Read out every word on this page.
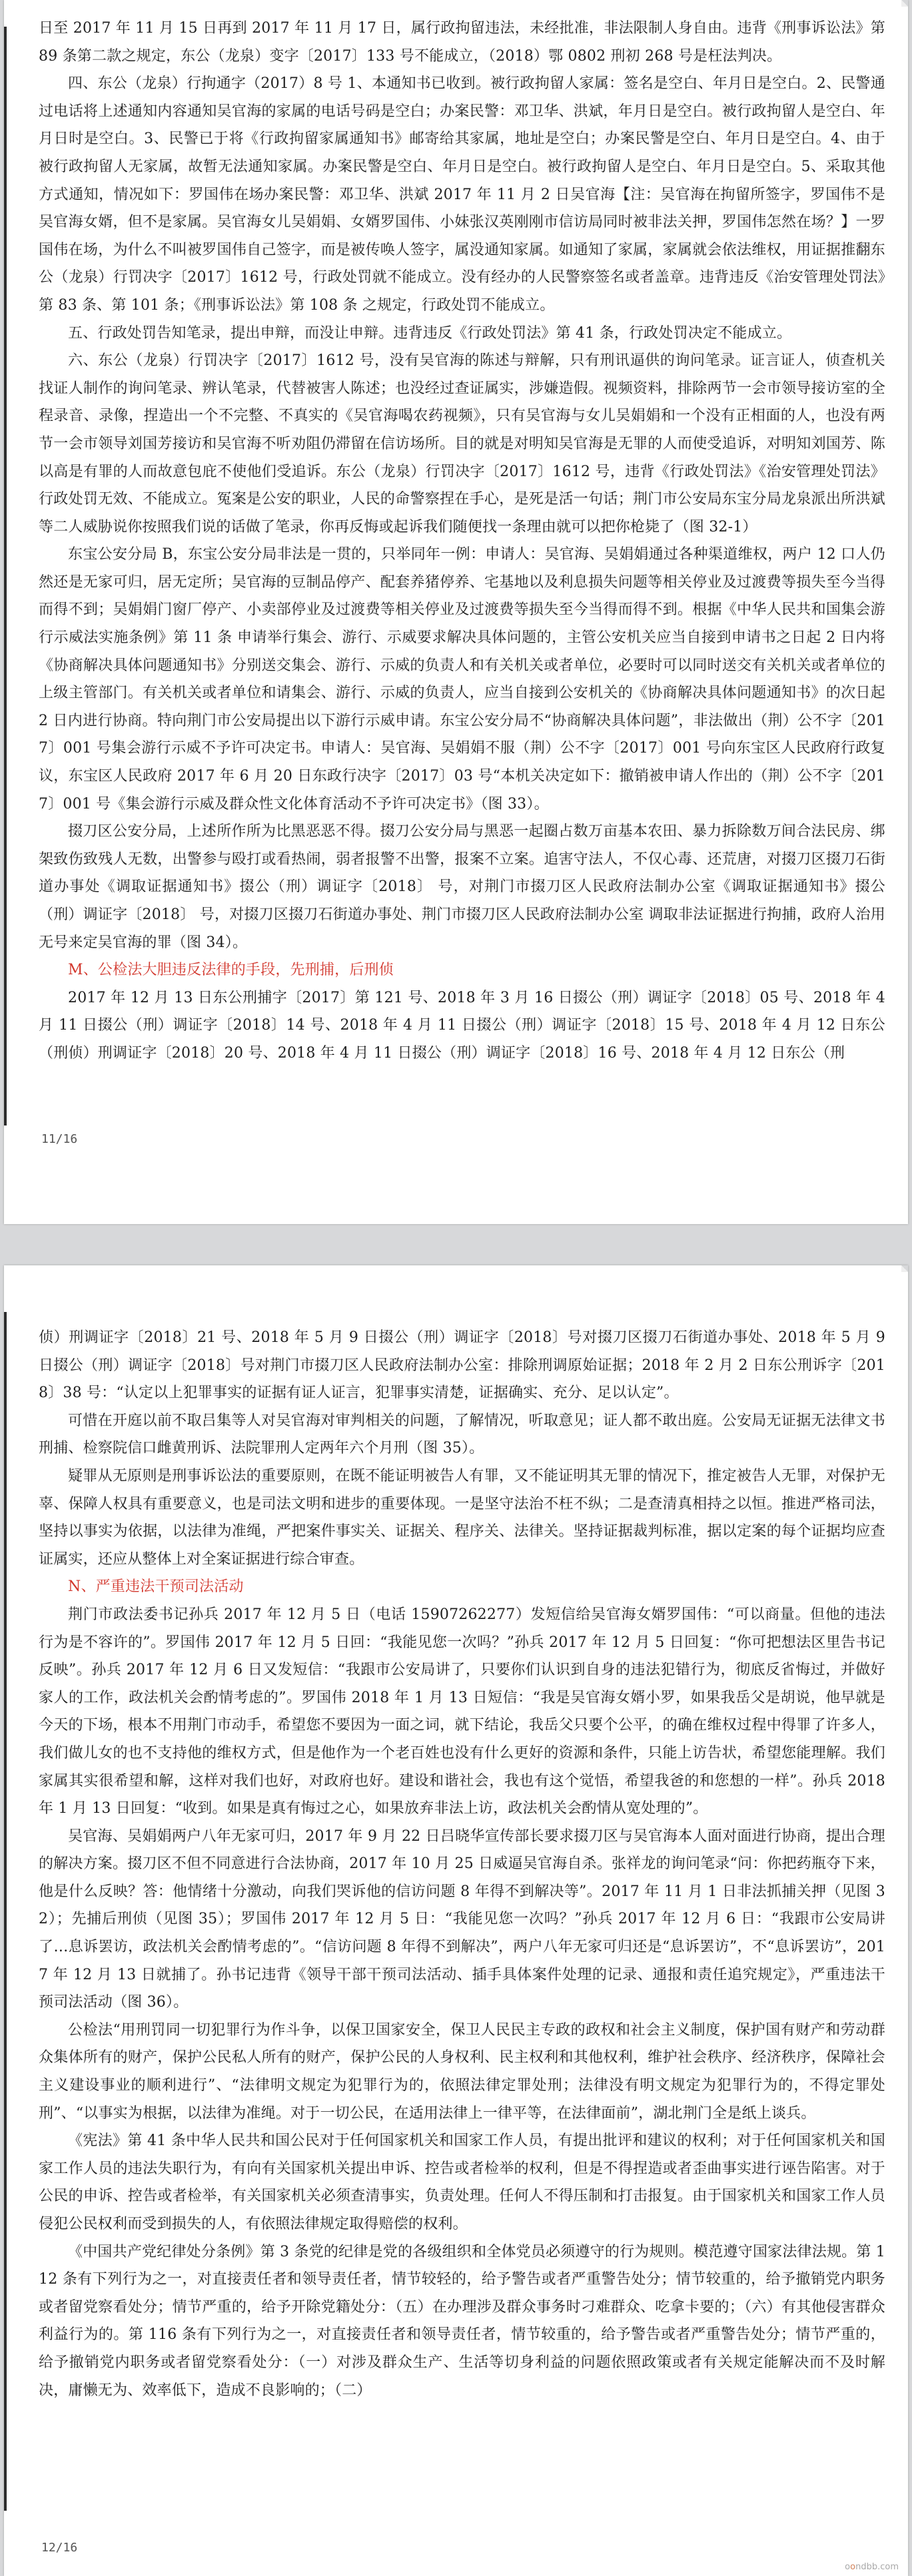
日至 2017 年 11 月 15 日再到 2017 年 11 月 17 日，属行政拘留违法，未经批准，非法限制人身自由。违背《刑事诉讼法》第 89 条第二款之规定，东公（龙泉）变字〔2017〕133 号不能成立，（2018）鄂 0802 刑初 268 号是枉法判决。

四、东公（龙泉）行拘通字（2017）8 号 1、本通知书已收到。被行政拘留人家属：签名是空白、年月日是空白。2、民警通过电话将上述通知内容通知吴官海的家属的电话号码是空白；办案民警：邓卫华、洪斌，年月日是空白。被行政拘留人是空白、年月日时是空白。3、民警已于将《行政拘留家属通知书》邮寄给其家属，地址是空白；办案民警是空白、年月日是空白。4、由于被行政拘留人无家属，故暂无法通知家属。办案民警是空白、年月日是空白。被行政拘留人是空白、年月日是空白。5、采取其他方式通知，情况如下：罗国伟在场办案民警：邓卫华、洪斌 2017 年 11 月 2 日吴官海【注：吴官海在拘留所签字，罗国伟不是吴官海女婿，但不是家属。吴官海女儿吴娟娟、女婿罗国伟、小妹张汉英刚刚市信访局同时被非法关押，罗国伟怎然在场？】一罗国伟在场，为什么不叫被罗国伟自己签字，而是被传唤人签字，属没通知家属。如通知了家属，家属就会依法维权，用证据推翻东公（龙泉）行罚决字〔2017〕1612 号，行政处罚就不能成立。没有经办的人民警察签名或者盖章。违背违反《治安管理处罚法》第 83 条、第 101 条；《刑事诉讼法》第 108 条 之规定，行政处罚不能成立。

五、行政处罚告知笔录，提出申辩，而没让申辩。违背违反《行政处罚法》第 41 条，行政处罚决定不能成立。

六、东公（龙泉）行罚决字〔2017〕1612 号，没有吴官海的陈述与辩解，只有刑讯逼供的询问笔录。证言证人，侦查机关找证人制作的询问笔录、辨认笔录，代替被害人陈述；也没经过查证属实，涉嫌造假。视频资料，排除两节一会市领导接访室的全程录音、录像，捏造出一个不完整、不真实的《吴官海喝农药视频》，只有吴官海与女儿吴娟娟和一个没有正相面的人，也没有两节一会市领导刘国芳接访和吴官海不听劝阻仍滞留在信访场所。目的就是对明知吴官海是无罪的人而使受追诉，对明知刘国芳、陈以高是有罪的人而故意包庇不使他们受追诉。东公（龙泉）行罚决字〔2017〕1612 号，违背《行政处罚法》《治安管理处罚法》行政处罚无效、不能成立。冤案是公安的职业，人民的命警察捏在手心，是死是活一句话；荆门市公安局东宝分局龙泉派出所洪斌等二人威胁说你按照我们说的话做了笔录，你再反悔或起诉我们随便找一条理由就可以把你枪毙了（图 32-1）

东宝公安分局 B，东宝公安分局非法是一贯的，只举同年一例：申请人：吴官海、吴娟娟通过各种渠道维权，两户 12 口人仍然还是无家可归，居无定所；吴官海的豆制品停产、配套养猪停养、宅基地以及利息损失问题等相关停业及过渡费等损失至今当得而得不到；吴娟娟门窗厂停产、小卖部停业及过渡费等相关停业及过渡费等损失至今当得而得不到。根据《中华人民共和国集会游行示威法实施条例》第 11 条 申请举行集会、游行、示威要求解决具体问题的，主管公安机关应当自接到申请书之日起 2 日内将《协商解决具体问题通知书》分别送交集会、游行、示威的负责人和有关机关或者单位，必要时可以同时送交有关机关或者单位的上级主管部门。有关机关或者单位和请集会、游行、示威的负责人，应当自接到公安机关的《协商解决具体问题通知书》的次日起 2 日内进行协商。特向荆门市公安局提出以下游行示威申请。东宝公安分局不“协商解决具体问题”，非法做出（荆）公不字〔2017〕001 号集会游行示威不予许可决定书。申请人：吴官海、吴娟娟不服（荆）公不字〔2017〕001 号向东宝区人民政府行政复议，东宝区人民政府 2017 年 6 月 20 日东政行决字〔2017〕03 号“本机关决定如下：撤销被申请人作出的（荆）公不字〔2017〕001 号《集会游行示威及群众性文化体育活动不予许可决定书》（图 33）。

掇刀区公安分局，上述所作所为比黑恶恶不得。掇刀公安分局与黑恶一起圈占数万亩基本农田、暴力拆除数万间合法民房、绑架致伤致残人无数，出警参与殴打或看热闹，弱者报警不出警，报案不立案。追害守法人，不仅心毒、还荒唐，对掇刀区掇刀石街道办事处《调取证据通知书》掇公（刑）调证字〔2018〕 号，对荆门市掇刀区人民政府法制办公室《调取证据通知书》掇公（刑）调证字〔2018〕 号，对掇刀区掇刀石街道办事处、荆门市掇刀区人民政府法制办公室 调取非法证据进行拘捕，政府人治用无号来定吴官海的罪（图 34）。

M、公检法大胆违反法律的手段，先刑捕，后刑侦

2017 年 12 月 13 日东公刑捕字〔2017〕第 121 号、2018 年 3 月 16 日掇公（刑）调证字〔2018〕05 号、2018 年 4 月 11 日掇公（刑）调证字〔2018〕14 号、2018 年 4 月 11 日掇公（刑）调证字〔2018〕15 号、2018 年 4 月 12 日东公（刑侦）刑调证字〔2018〕20 号、2018 年 4 月 11 日掇公（刑）调证字〔2018〕16 号、2018 年 4 月 12 日东公（刑

11/16

侦）刑调证字〔2018〕21 号、2018 年 5 月 9 日掇公（刑）调证字〔2018〕号对掇刀区掇刀石街道办事处、2018 年 5 月 9 日掇公（刑）调证字〔2018〕号对荆门市掇刀区人民政府法制办公室：排除刑调原始证据；2018 年 2 月 2 日东公刑诉字〔2018〕38 号：“认定以上犯罪事实的证据有证人证言，犯罪事实清楚，证据确实、充分、足以认定”。

可惜在开庭以前不取吕集等人对吴官海对审判相关的问题，了解情况，听取意见；证人都不敢出庭。公安局无证据无法律文书刑捕、检察院信口雌黄刑诉、法院罪刑人定两年六个月刑（图 35）。

疑罪从无原则是刑事诉讼法的重要原则，在既不能证明被告人有罪，又不能证明其无罪的情况下，推定被告人无罪，对保护无辜、保障人权具有重要意义，也是司法文明和进步的重要体现。一是坚守法治不枉不纵；二是查清真相持之以恒。推进严格司法，坚持以事实为依据，以法律为准绳，严把案件事实关、证据关、程序关、法律关。坚持证据裁判标准，据以定案的每个证据均应查证属实，还应从整体上对全案证据进行综合审查。

N、严重违法干预司法活动

荆门市政法委书记孙兵 2017 年 12 月 5 日（电话 15907262277）发短信给吴官海女婿罗国伟：“可以商量。但他的违法行为是不容许的”。罗国伟 2017 年 12 月 5 日回：“我能见您一次吗？”孙兵 2017 年 12 月 5 日回复：“你可把想法区里告书记反映”。孙兵 2017 年 12 月 6 日又发短信：“我跟市公安局讲了，只要你们认识到自身的违法犯错行为，彻底反省悔过，并做好家人的工作，政法机关会酌情考虑的”。罗国伟 2018 年 1 月 13 日短信：“我是吴官海女婿小罗，如果我岳父是胡说，他早就是今天的下场，根本不用荆门市动手，希望您不要因为一面之词，就下结论，我岳父只要个公平，的确在维权过程中得罪了许多人，我们做儿女的也不支持他的维权方式，但是他作为一个老百姓也没有什么更好的资源和条件，只能上访告状，希望您能理解。我们家属其实很希望和解，这样对我们也好，对政府也好。建设和谐社会，我也有这个觉悟，希望我爸的和您想的一样”。孙兵 2018 年 1 月 13 日回复：“收到。如果是真有悔过之心，如果放弃非法上访，政法机关会酌情从宽处理的”。

吴官海、吴娟娟两户八年无家可归，2017 年 9 月 22 日吕晓华宣传部长要求掇刀区与吴官海本人面对面进行协商，提出合理的解决方案。掇刀区不但不同意进行合法协商，2017 年 10 月 25 日威逼吴官海自杀。张祥龙的询问笔录“问：你把药瓶夺下来，他是什么反映？答：他情绪十分激动，向我们哭诉他的信访问题 8 年得不到解决等”。2017 年 11 月 1 日非法抓捕关押（见图 32）；先捕后刑侦（见图 35）；罗国伟 2017 年 12 月 5 日：“我能见您一次吗？”孙兵 2017 年 12 月 6 日：“我跟市公安局讲了…息诉罢访，政法机关会酌情考虑的”。“信访问题 8 年得不到解决”，两户八年无家可归还是“息诉罢访”，不“息诉罢访”，2017 年 12 月 13 日就捕了。孙书记违背《领导干部干预司法活动、插手具体案件处理的记录、通报和责任追究规定》，严重违法干预司法活动（图 36）。

公检法“用刑罚同一切犯罪行为作斗争，以保卫国家安全，保卫人民民主专政的政权和社会主义制度，保护国有财产和劳动群众集体所有的财产，保护公民私人所有的财产，保护公民的人身权利、民主权利和其他权利，维护社会秩序、经济秩序，保障社会主义建设事业的顺利进行”、“法律明文规定为犯罪行为的，依照法律定罪处刑；法律没有明文规定为犯罪行为的，不得定罪处刑”、“以事实为根据，以法律为准绳。对于一切公民，在适用法律上一律平等，在法律面前”，湖北荆门全是纸上谈兵。

《宪法》第 41 条中华人民共和国公民对于任何国家机关和国家工作人员，有提出批评和建议的权利；对于任何国家机关和国家工作人员的违法失职行为，有向有关国家机关提出申诉、控告或者检举的权利，但是不得捏造或者歪曲事实进行诬告陷害。对于公民的申诉、控告或者检举，有关国家机关必须查清事实，负责处理。任何人不得压制和打击报复。由于国家机关和国家工作人员侵犯公民权利而受到损失的人，有依照法律规定取得赔偿的权利。

《中国共产党纪律处分条例》第 3 条党的纪律是党的各级组织和全体党员必须遵守的行为规则。模范遵守国家法律法规。第 112 条有下列行为之一，对直接责任者和领导责任者，情节较轻的，给予警告或者严重警告处分；情节较重的，给予撤销党内职务或者留党察看处分；情节严重的，给予开除党籍处分：（五）在办理涉及群众事务时刁难群众、吃拿卡要的；（六）有其他侵害群众利益行为的。第 116 条有下列行为之一，对直接责任者和领导责任者，情节较重的，给予警告或者严重警告处分；情节严重的，给予撤销党内职务或者留党察看处分：（一）对涉及群众生产、生活等切身利益的问题依照政策或者有关规定能解决而不及时解决，庸懒无为、效率低下，造成不良影响的；（二）

12/16
oondbb.com
